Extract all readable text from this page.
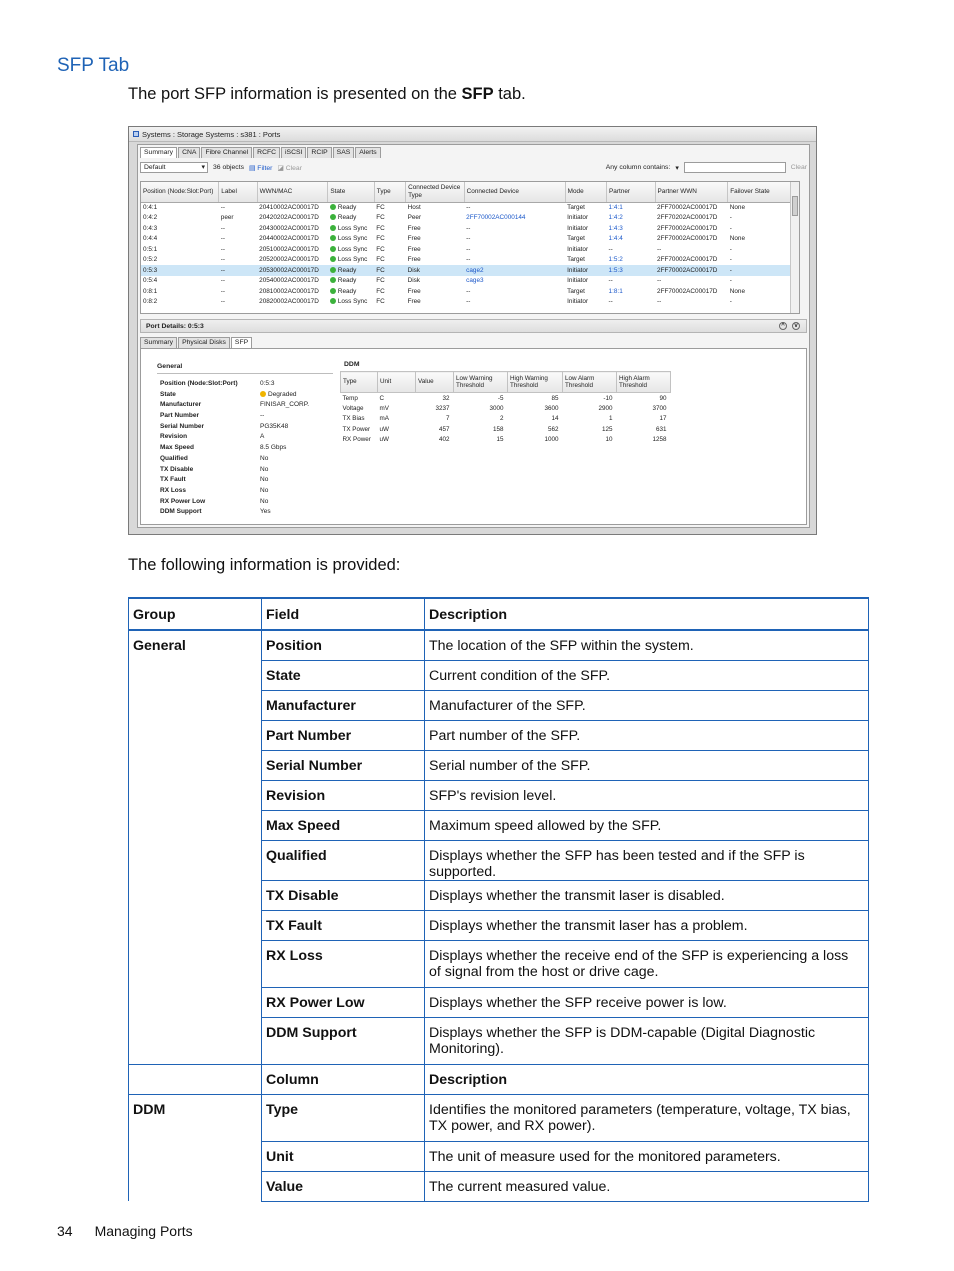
SFP Tab
The port SFP information is presented on the SFP tab.
Systems : Storage Systems : s381 : Ports
Summary	CNA	Fibre Channel	RCFC	iSCSI	RCIP	SAS	Alerts
Default ▾	36 objects ▤ Filter ◪ Clear	Any column contains: ▾	Clear
Position (Node:Slot:Port)	Label	WWN/MAC	State	Type	Connected Device Type	Connected Device	Mode	Partner	Partner WWN	Failover State
0:4:1	--	20410002AC00017D	Ready	FC	Host	--	Target	1:4:1	2FF70002AC00017D	None
0:4:2	peer	20420202AC00017D	Ready	FC	Peer	2FF70002AC000144	Initiator	1:4:2	2FF70202AC00017D	-
0:4:3	--	20430002AC00017D	Loss Sync	FC	Free	--	Initiator	1:4:3	2FF70002AC00017D	-
0:4:4	--	20440002AC00017D	Loss Sync	FC	Free	--	Target	1:4:4	2FF70002AC00017D	None
0:5:1	--	20510002AC00017D	Loss Sync	FC	Free	--	Initiator	--	--	-
0:5:2	--	20520002AC00017D	Loss Sync	FC	Free	--	Target	1:5:2	2FF70002AC00017D	-
0:5:3	--	20530002AC00017D	Ready	FC	Disk	cage2	Initiator	1:5:3	2FF70002AC00017D	-
0:5:4	--	20540002AC00017D	Ready	FC	Disk	cage3	Initiator	--	--	-
0:8:1	--	20810002AC00017D	Ready	FC	Free	--	Target	1:8:1	2FF70002AC00017D	None
0:8:2	--	20820002AC00017D	Loss Sync	FC	Free	--	Initiator	--	--	-
Port Details: 0:5:3	^	v
Summary	Physical Disks	SFP
General
Position (Node:Slot:Port)	0:5:3
State	Degraded
Manufacturer	FINISAR_CORP.
Part Number	--
Serial Number	PG35K48
Revision	A
Max Speed	8.5 Gbps
Qualified	No
TX Disable	No
TX Fault	No
RX Loss	No
RX Power Low	No
DDM Support	Yes
DDM
Type	Unit	Value	Low Warning Threshold	High Warning Threshold	Low Alarm Threshold	High Alarm Threshold
Temp	C	32	-5	85	-10	90
Voltage	mV	3237	3000	3600	2900	3700
TX Bias	mA	7	2	14	1	17
TX Power	uW	457	158	562	125	631
RX Power	uW	402	15	1000	10	1258
The following information is provided:
Group	Field	Description
General	Position	The location of the SFP within the system.
	State	Current condition of the SFP.
	Manufacturer	Manufacturer of the SFP.
	Part Number	Part number of the SFP.
	Serial Number	Serial number of the SFP.
	Revision	SFP's revision level.
	Max Speed	Maximum speed allowed by the SFP.
	Qualified	Displays whether the SFP has been tested and if the SFP is supported.
	TX Disable	Displays whether the transmit laser is disabled.
	TX Fault	Displays whether the transmit laser has a problem.
	RX Loss	Displays whether the receive end of the SFP is experiencing a loss of signal from the host or drive cage.
	RX Power Low	Displays whether the SFP receive power is low.
	DDM Support	Displays whether the SFP is DDM-capable (Digital Diagnostic Monitoring).
	Column	Description
DDM	Type	Identifies the monitored parameters (temperature, voltage, TX bias, TX power, and RX power).
	Unit	The unit of measure used for the monitored parameters.
	Value	The current measured value.
34 Managing Ports
